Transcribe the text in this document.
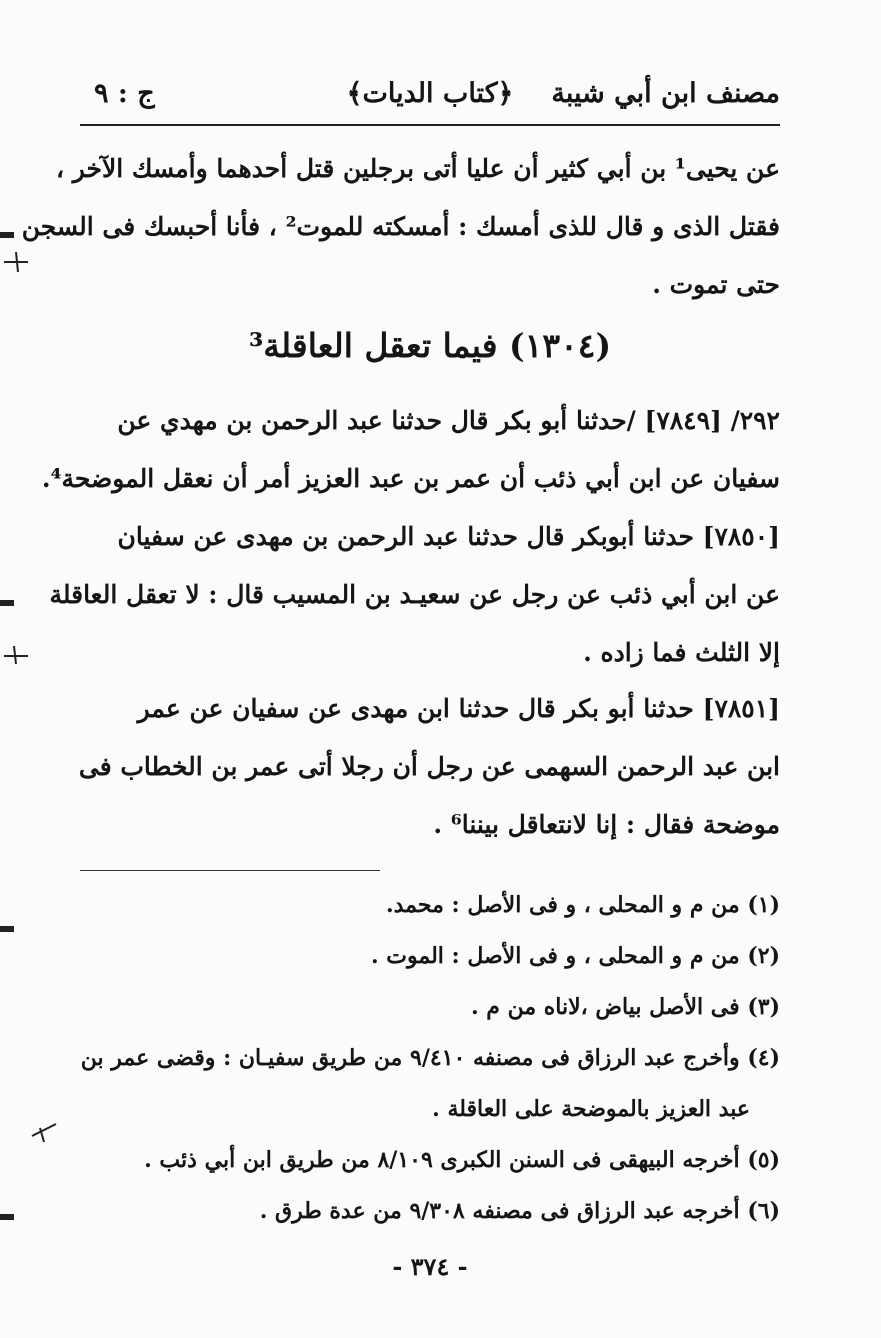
مصنف ابن أبي شيبة
﴿كتاب الديات﴾
ج : ٩
عن يحيى¹ بن أبي كثير أن عليا أتى برجلين قتل أحدهما وأمسك الآخر ،
فقتل الذى و قال للذى أمسك : أمسكته للموت² ، فأنا أحبسك فى السجن
حتى تموت .
(١٣٠٤) فيما تعقل العاقلة³
٢٩٢/ [٧٨٤٩] /حدثنا أبو بكر قال حدثنا عبد الرحمن بن مهدي عن
سفيان عن ابن أبي ذئب أن عمر بن عبد العزيز أمر أن نعقل الموضحة⁴.
[٧٨٥٠] حدثنا أبوبكر قال حدثنا عبد الرحمن بن مهدى عن سفيان
عن ابن أبي ذئب عن رجل عن سعيـد بن المسيب قال : لا تعقل العاقلة
إلا الثلث فما زاده .
[٧٨٥١] حدثنا أبو بكر قال حدثنا ابن مهدى عن سفيان عن عمر
ابن عبد الرحمن السهمى عن رجل أن رجلا أتى عمر بن الخطاب فى
موضحة فقال : إنا لانتعاقل بيننا⁶ .
(١) من م و المحلى ، و فى الأصل : محمد.
(٢) من م و المحلى ، و فى الأصل : الموت .
(٣) فى الأصل بياض ،لاناه من م .
(٤) وأخرج عبد الرزاق فى مصنفه ٩/٤١٠ من طريق سفيـان : وقضى عمر بن
عبد العزيز بالموضحة على العاقلة .
(٥) أخرجه البيهقى فى السنن الكبرى ٨/١٠٩ من طريق ابن أبي ذئب .
(٦) أخرجه عبد الرزاق فى مصنفه ٩/٣٠٨ من عدة طرق .
- ٣٧٤ -
